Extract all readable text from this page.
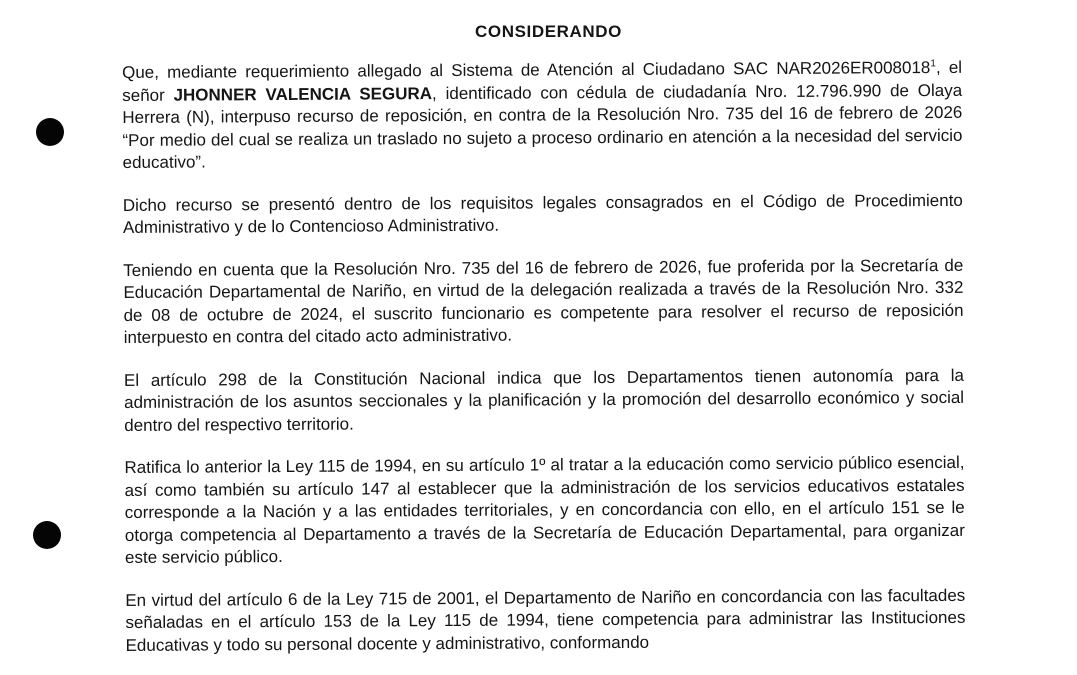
CONSIDERANDO

Que, mediante requerimiento allegado al Sistema de Atención al Ciudadano SAC NAR2026ER008018$^1$, el señor JHONNER VALENCIA SEGURA, identificado con cédula de ciudadanía Nro. 12.796.990 de Olaya Herrera (N), interpuso recurso de reposición, en contra de la Resolución Nro. 735 del 16 de febrero de 2026 “Por medio del cual se realiza un traslado no sujeto a proceso ordinario en atención a la necesidad del servicio educativo”.

Dicho recurso se presentó dentro de los requisitos legales consagrados en el Código de Procedimiento Administrativo y de lo Contencioso Administrativo.

Teniendo en cuenta que la Resolución Nro. 735 del 16 de febrero de 2026, fue proferida por la Secretaría de Educación Departamental de Nariño, en virtud de la delegación realizada a través de la Resolución Nro. 332 de 08 de octubre de 2024, el suscrito funcionario es competente para resolver el recurso de reposición interpuesto en contra del citado acto administrativo.

El artículo 298 de la Constitución Nacional indica que los Departamentos tienen autonomía para la administración de los asuntos seccionales y la planificación y la promoción del desarrollo económico y social dentro del respectivo territorio.

Ratifica lo anterior la Ley 115 de 1994, en su artículo 1º al tratar a la educación como servicio público esencial, así como también su artículo 147 al establecer que la administración de los servicios educativos estatales corresponde a la Nación y a las entidades territoriales, y en concordancia con ello, en el artículo 151 se le otorga competencia al Departamento a través de la Secretaría de Educación Departamental, para organizar este servicio público.

En virtud del artículo 6 de la Ley 715 de 2001, el Departamento de Nariño en concordancia con las facultades señaladas en el artículo 153 de la Ley 115 de 1994, tiene competencia para administrar las Instituciones Educativas y todo su personal docente y administrativo, conformando
